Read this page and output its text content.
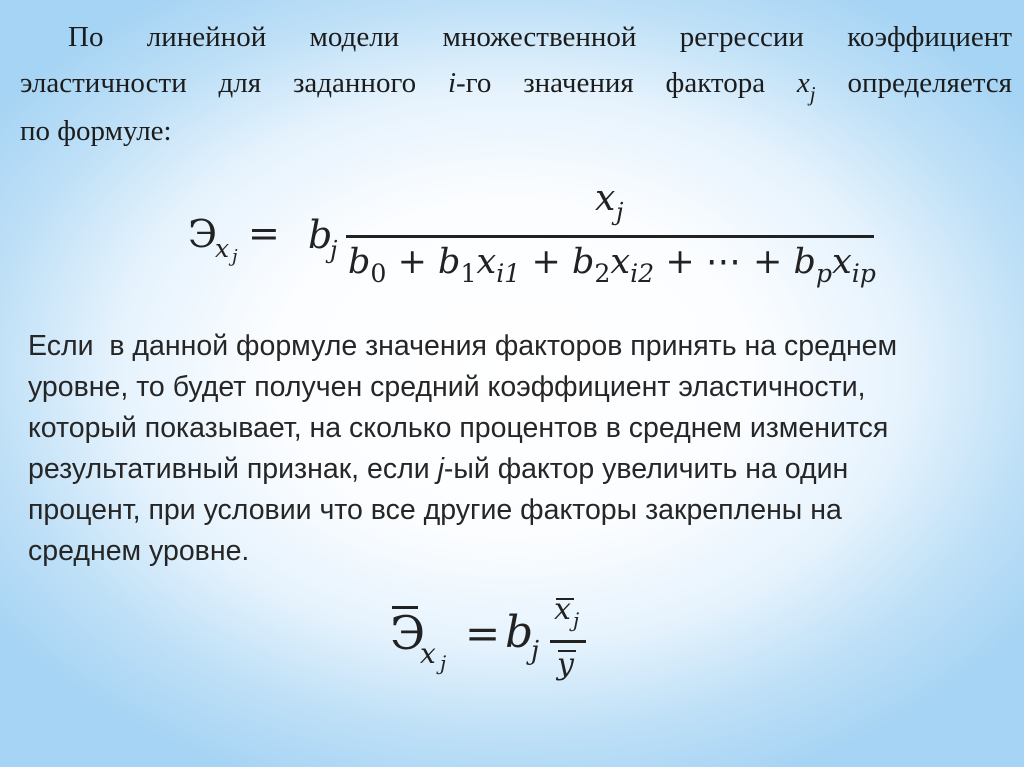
По линейной модели множественной регрессии коэффициент
эластичности для заданного i-го значения фактора $x_j$ определяется
по формуле:
Э
x j
= b
j
x j
$b_0 + b_1x_{i1} + b_2x_{i2}$ + ⋯ + $b_px_{ip}$
Если  в данной формуле значения факторов принять на среднем
уровне, то будет получен средний коэффициент эластичности,
который показывает, на сколько процентов в среднем изменится
результативный признак, если j-ый фактор увеличить на один
процент, при условии что все другие факторы закреплены на
среднем уровне.
Э
x j
= b
j
x j
y
